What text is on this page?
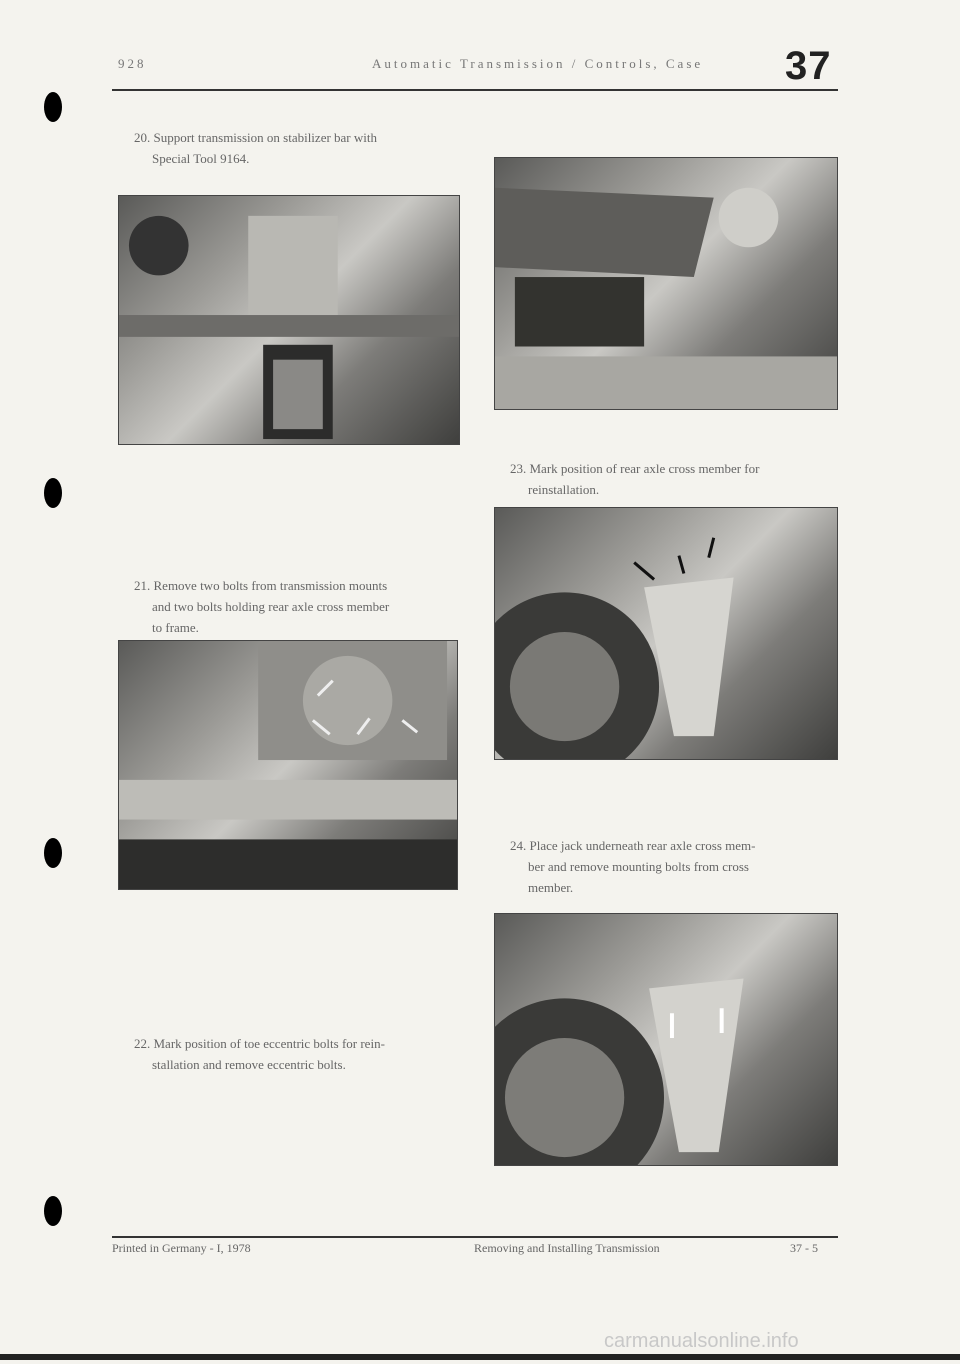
928	Automatic Transmission / Controls, Case 37
20. Support transmission on stabilizer bar with
Special Tool 9164.
21. Remove two bolts from transmission mounts
and two bolts holding rear axle cross member
to frame.
22. Mark position of toe eccentric bolts for rein-
stallation and remove eccentric bolts.
23. Mark position of rear axle cross member for
reinstallation.
24. Place jack underneath rear axle cross mem-
ber and remove mounting bolts from cross
member.
Printed in Germany - I, 1978	Removing and Installing Transmission	37 - 5
carmanualsonline.info
